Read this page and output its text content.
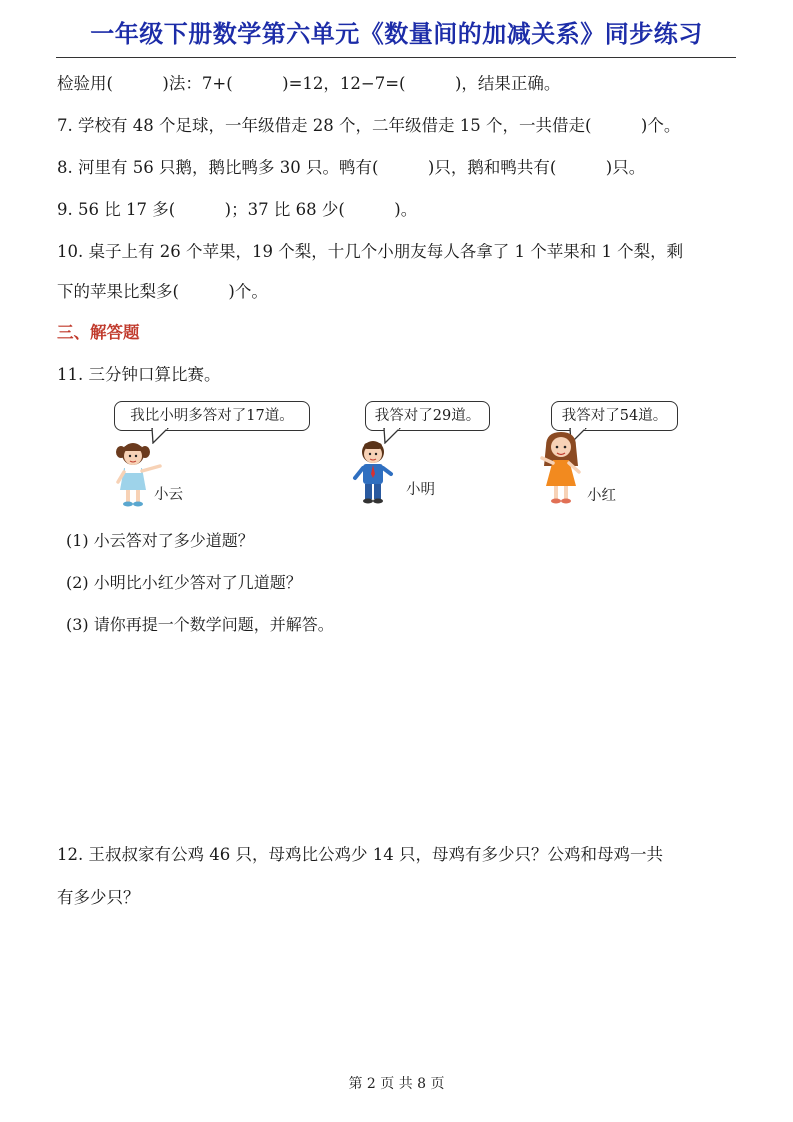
一年级下册数学第六单元《数量间的加减关系》同步练习
检验用(　　　)法：7+(　　　)=12，12−7=(　　　)，结果正确。
7. 学校有 48 个足球，一年级借走 28 个，二年级借走 15 个，一共借走(　　　)个。
8. 河里有 56 只鹅，鹅比鸭多 30 只。鸭有(　　　)只，鹅和鸭共有(　　　)只。
9. 56 比 17 多(　　　)；37 比 68 少(　　　)。
10. 桌子上有 26 个苹果，19 个梨，十几个小朋友每人各拿了 1 个苹果和 1 个梨，剩
下的苹果比梨多(　　　)个。
三、解答题
11. 三分钟口算比赛。
我比小明多答对了17道。	我答对了29道。	我答对了54道。
小云	小明	小红
(1) 小云答对了多少道题？
(2) 小明比小红少答对了几道题？
(3) 请你再提一个数学问题，并解答。
12. 王叔叔家有公鸡 46 只，母鸡比公鸡少 14 只，母鸡有多少只？公鸡和母鸡一共
有多少只？
第 2 页 共 8 页
